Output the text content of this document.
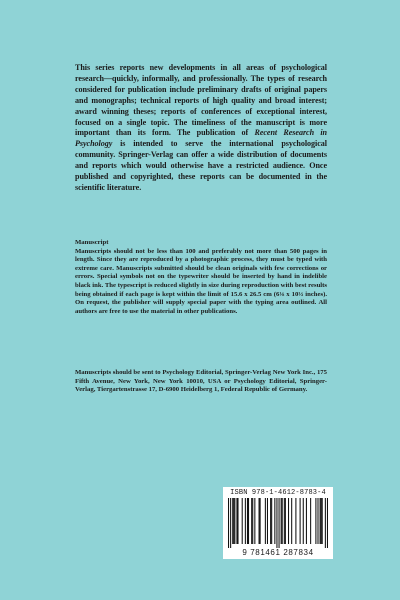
This series reports new developments in all areas of psychological research—quickly, informally, and professionally. The types of research considered for publication include preliminary drafts of original papers and monographs; technical reports of high quality and broad interest; award winning theses; reports of conferences of exceptional interest, focused on a single topic. The timeliness of the manuscript is more important than its form. The publication of Recent Research in Psychology is intended to serve the international psychological community. Springer-Verlag can offer a wide distribution of documents and reports which would otherwise have a restricted audience. Once published and copyrighted, these reports can be documented in the scientific literature.
Manuscript
Manuscripts should not be less than 100 and preferably not more than 500 pages in length. Since they are reproduced by a photographic process, they must be typed with extreme care. Manuscripts submitted should be clean originals with few corrections or errors. Special symbols not on the typewriter should be inserted by hand in indelible black ink. The typescript is reduced slightly in size during reproduction with best results being obtained if each page is kept within the limit of 15.6 x 26.5 cm (6⅛ x 10½ inches). On request, the publisher will supply special paper with the typing area outlined. All authors are free to use the material in other publications.
Manuscripts should be sent to Psychology Editorial, Springer-Verlag New York Inc., 175 Fifth Avenue, New York, New York 10010, USA or Psychology Editorial, Springer-Verlag, Tiergartenstrasse 17, D-6900 Heidelberg 1, Federal Republic of Germany.
ISBN 978-1-4612-8783-4
9 781461 287834
